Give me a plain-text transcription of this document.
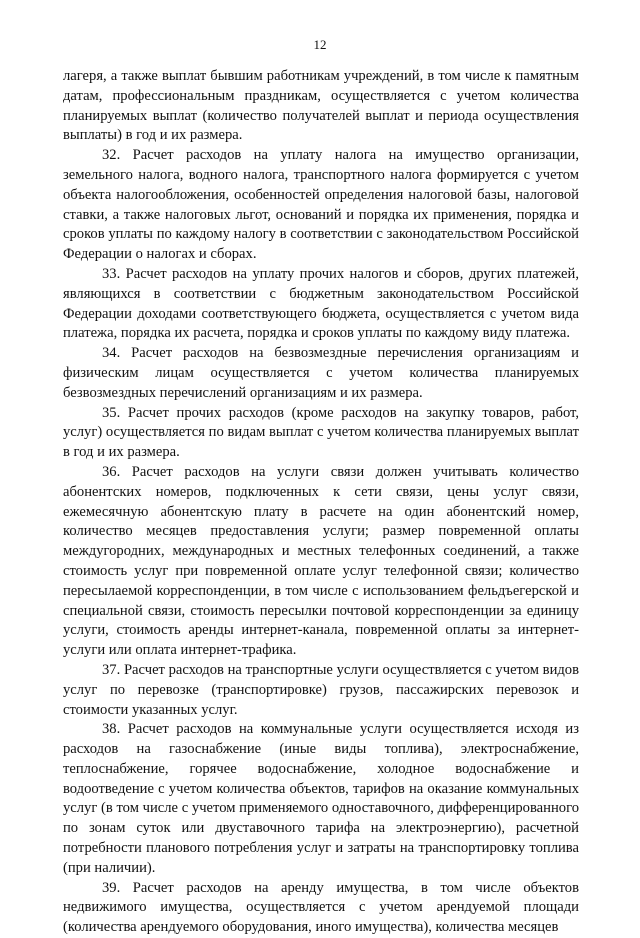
12

лагеря, а также выплат бывшим работникам учреждений, в том числе к памятным датам, профессиональным праздникам, осуществляется с учетом количества планируемых выплат (количество получателей выплат и периода осуществления выплаты) в год и их размера.

32. Расчет расходов на уплату налога на имущество организации, земельного налога, водного налога, транспортного налога формируется с учетом объекта налогообложения, особенностей определения налоговой базы, налоговой ставки, а также налоговых льгот, оснований и порядка их применения, порядка и сроков уплаты по каждому налогу в соответствии с законодательством Российской Федерации о налогах и сборах.

33. Расчет расходов на уплату прочих налогов и сборов, других платежей, являющихся в соответствии с бюджетным законодательством Российской Федерации доходами соответствующего бюджета, осуществляется с учетом вида платежа, порядка их расчета, порядка и сроков уплаты по каждому виду платежа.

34. Расчет расходов на безвозмездные перечисления организациям и физическим лицам осуществляется с учетом количества планируемых безвозмездных перечислений организациям и их размера.

35. Расчет прочих расходов (кроме расходов на закупку товаров, работ, услуг) осуществляется по видам выплат с учетом количества планируемых выплат в год и их размера.

36. Расчет расходов на услуги связи должен учитывать количество абонентских номеров, подключенных к сети связи, цены услуг связи, ежемесячную абонентскую плату в расчете на один абонентский номер, количество месяцев предоставления услуги; размер повременной оплаты междугородних, международных и местных телефонных соединений, а также стоимость услуг при повременной оплате услуг телефонной связи; количество пересылаемой корреспонденции, в том числе с использованием фельдъегерской и специальной связи, стоимость пересылки почтовой корреспонденции за единицу услуги, стоимость аренды интернет-канала, повременной оплаты за интернет-услуги или оплата интернет-трафика.

37. Расчет расходов на транспортные услуги осуществляется с учетом видов услуг по перевозке (транспортировке) грузов, пассажирских перевозок и стоимости указанных услуг.

38. Расчет расходов на коммунальные услуги осуществляется исходя из расходов на газоснабжение (иные виды топлива), электроснабжение, теплоснабжение, горячее водоснабжение, холодное водоснабжение и водоотведение с учетом количества объектов, тарифов на оказание коммунальных услуг (в том числе с учетом применяемого одноставочного, дифференцированного по зонам суток или двуставочного тарифа на электроэнергию), расчетной потребности планового потребления услуг и затраты на транспортировку топлива (при наличии).

39. Расчет расходов на аренду имущества, в том числе объектов недвижимого имущества, осуществляется с учетом арендуемой площади (количества арендуемого оборудования, иного имущества), количества месяцев
